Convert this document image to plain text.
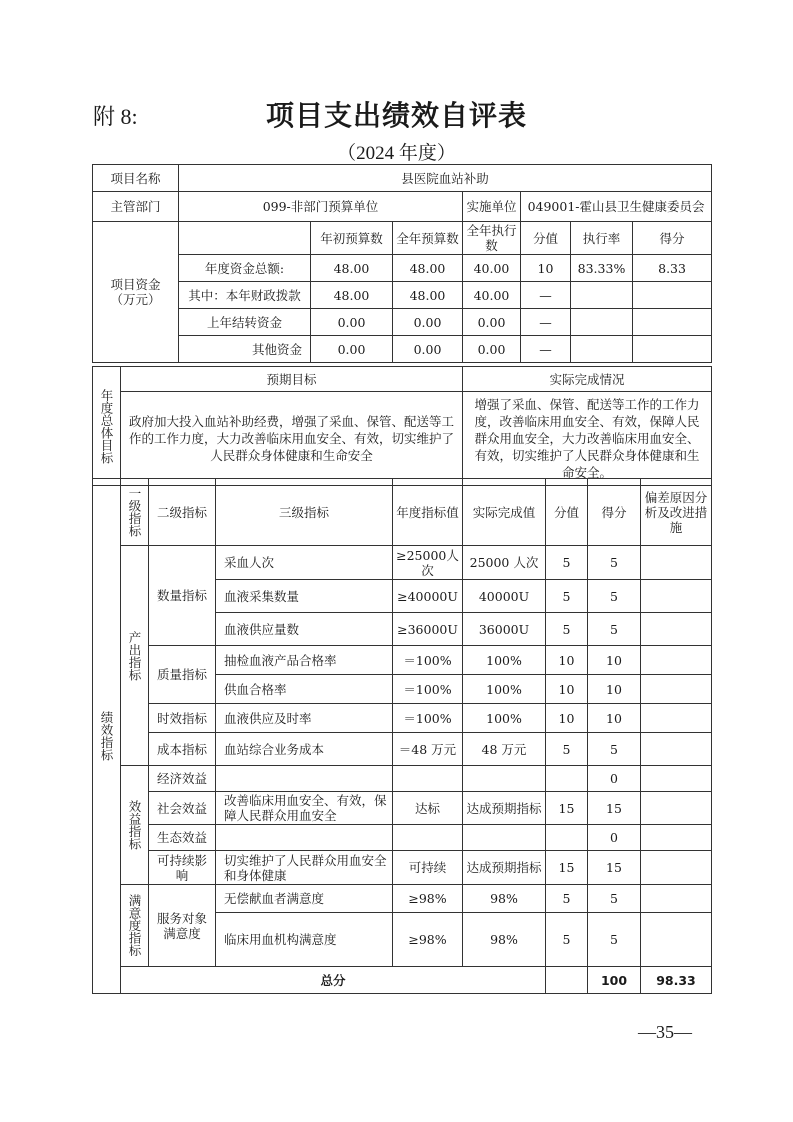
附 8:	项目支出绩效自评表
（2024 年度）
项目名称	县医院血站补助						
主管部门	099-非部门预算单位			实施单位	049001-霍山县卫生健康委员会		

项目资金
（万元）		年初预算数	全年预算数	全年执行数	分值	执行率	得分
	年度资金总额:	48.00	48.00	40.00	10	83.33%	8.33
	其中：本年财政拨款	48.00	48.00	40.00	—		
	上年结转资金	0.00	0.00	0.00	—		
	其他资金	0.00	0.00	0.00	—		
年度总体目标	预期目标	实际完成情况
	政府加大投入血站补助经费，增强了采血、保管、配送等工作的工作力度，大力改善临床用血安全、有效，切实维护了人民群众身体健康和生命安全	增强了采血、保管、配送等工作的工作力度，改善临床用血安全、有效，保障人民群众用血安全，大力改善临床用血安全、有效，切实维护了人民群众身体健康和生命安全。
绩效指标	一级指标	二级指标	三级指标	年度指标值	实际完成值	分值	得分	偏差原因分析及改进措施	

	产出指标	数量指标	采血人次	≥25000人次	25000 人次	5	5		
			血液采集数量	≥40000U	40000U	5	5		
			血液供应量数	≥36000U	36000U	5	5		
		质量指标	抽检血液产品合格率	＝100%	100%	10	10		
			供血合格率	＝100%	100%	10	10		
		时效指标	血液供应及时率	＝100%	100%	10	10		
		成本指标	血站综合业务成本	＝48 万元	48 万元	5	5		

	效益指标	经济效益					0		
		社会效益	改善临床用血安全、有效，保障人民群众用血安全	达标	达成预期指标	15	15		
		生态效益					0		
		可持续影响	切实维护了人民群众用血安全和身体健康	可持续	达成预期指标	15	15		

	满意度指标	服务对象满意度	无偿献血者满意度	≥98%	98%	5	5		
			临床用血机构满意度	≥98%	98%	5	5		
	总分						100	98.33	
—35—
